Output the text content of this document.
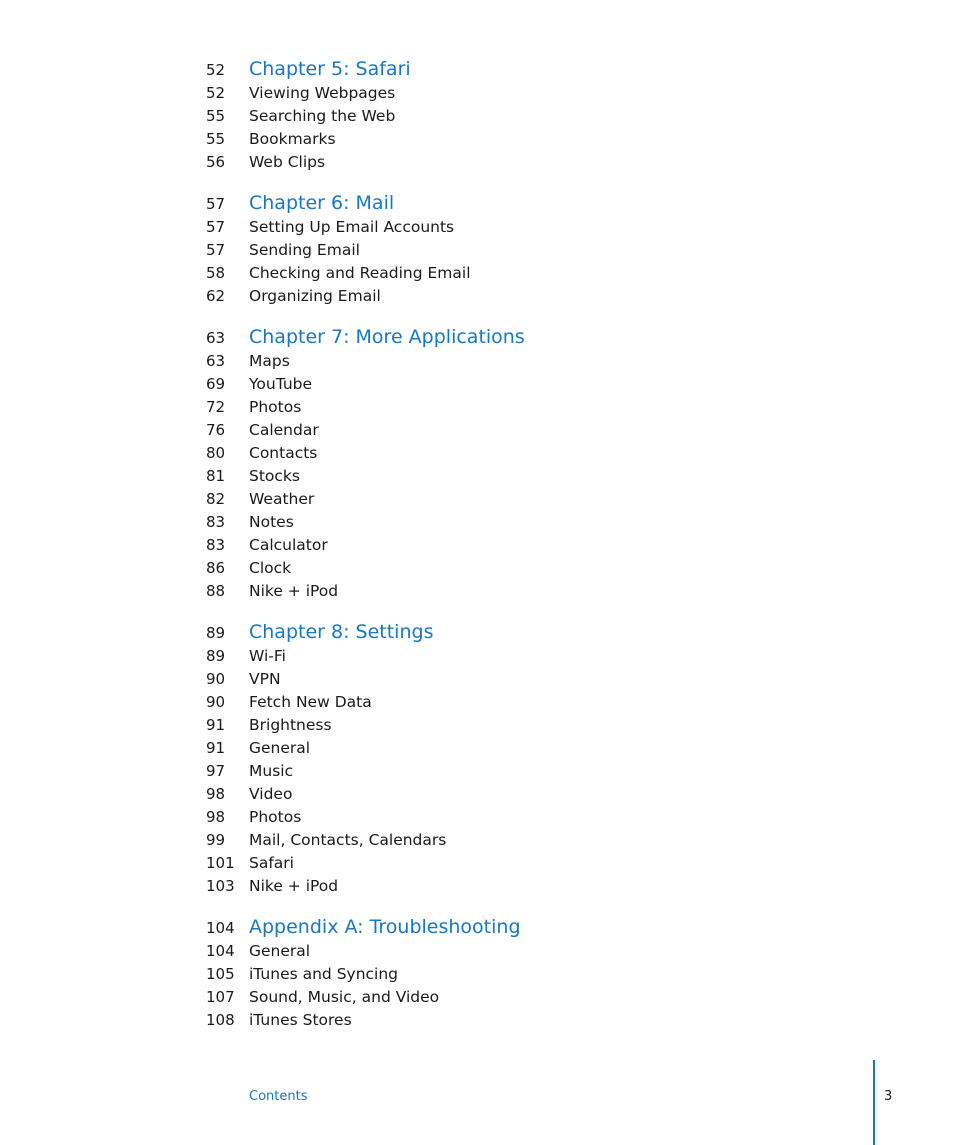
52	Chapter 5: Safari
52	Viewing Webpages
55	Searching the Web
55	Bookmarks
56	Web Clips
57	Chapter 6: Mail
57	Setting Up Email Accounts
57	Sending Email
58	Checking and Reading Email
62	Organizing Email
63	Chapter 7: More Applications
63	Maps
69	YouTube
72	Photos
76	Calendar
80	Contacts
81	Stocks
82	Weather
83	Notes
83	Calculator
86	Clock
88	Nike + iPod
89	Chapter 8: Settings
89	Wi-Fi
90	VPN
90	Fetch New Data
91	Brightness
91	General
97	Music
98	Video
98	Photos
99	Mail, Contacts, Calendars
101 Safari
103 Nike + iPod
104 Appendix A: Troubleshooting
104 General
105 iTunes and Syncing
107 Sound, Music, and Video
108 iTunes Stores
Contents	3
